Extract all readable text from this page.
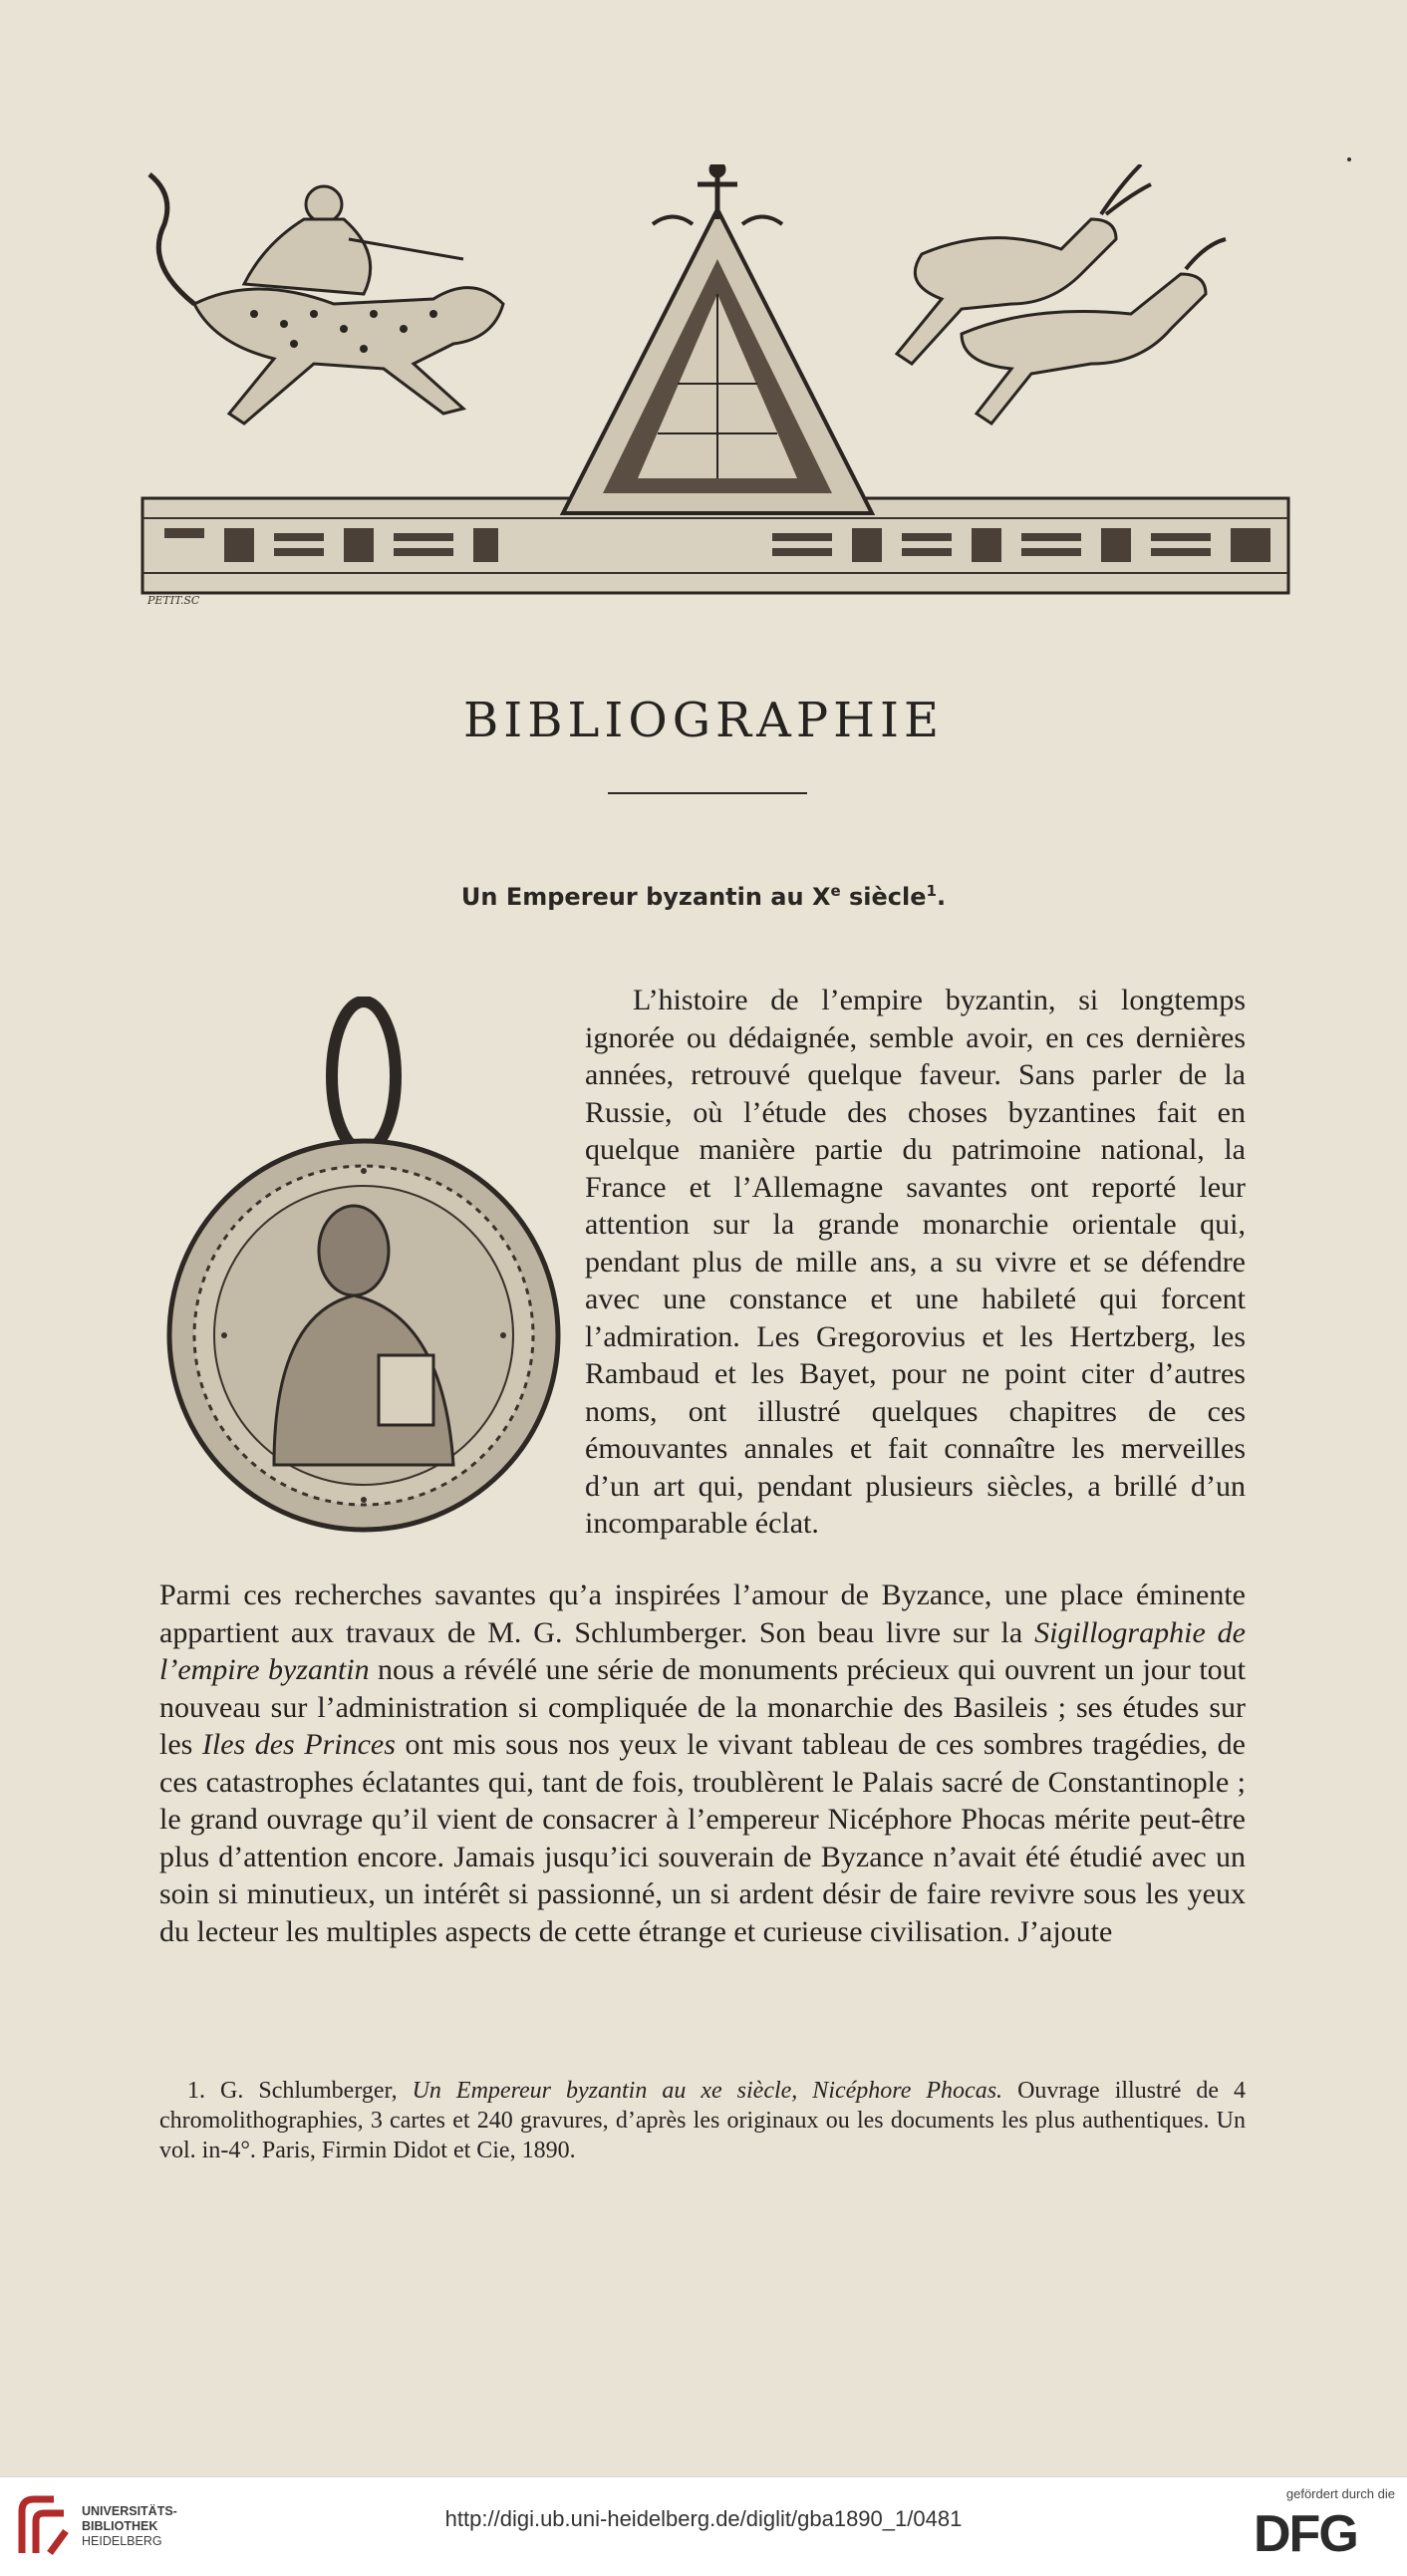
PETIT.SC
BIBLIOGRAPHIE
Un Empereur byzantin au Xe siècle$^1$.

L’histoire de l’empire byzantin, si longtemps ignorée ou dédaignée, semble avoir, en ces dernières années, retrouvé quelque faveur. Sans parler de la Russie, où l’étude des choses byzantines fait en quelque manière partie du patrimoine national, la France et l’Allemagne savantes ont reporté leur attention sur la grande monarchie orientale qui, pendant plus de mille ans, a su vivre et se défendre avec une constance et une habileté qui forcent l’admiration. Les Gregorovius et les Hertzberg, les Rambaud et les Bayet, pour ne point citer d’autres noms, ont illustré quelques chapitres de ces émouvantes annales et fait connaître les merveilles d’un art qui, pendant plusieurs siècles, a brillé d’un incomparable éclat.

Parmi ces recherches savantes qu’a inspirées l’amour de Byzance, une place éminente appartient aux travaux de M. G. Schlumberger. Son beau livre sur la Sigillographie de l’empire byzantin nous a révélé une série de monuments précieux qui ouvrent un jour tout nouveau sur l’administration si compliquée de la monarchie des Basileis ; ses études sur les Iles des Princes ont mis sous nos yeux le vivant tableau de ces sombres tragédies, de ces catastrophes éclatantes qui, tant de fois, troublèrent le Palais sacré de Constantinople ; le grand ouvrage qu’il vient de consacrer à l’empereur Nicéphore Phocas mérite peut-être plus d’attention encore. Jamais jusqu’ici souverain de Byzance n’avait été étudié avec un soin si minutieux, un intérêt si passionné, un si ardent désir de faire revivre sous les yeux du lecteur les multiples aspects de cette étrange et curieuse civilisation. J’ajoute

1. G. Schlumberger, Un Empereur byzantin au xe siècle, Nicéphore Phocas. Ouvrage illustré de 4 chromolithographies, 3 cartes et 240 gravures, d’après les originaux ou les documents les plus authentiques. Un vol. in-4°. Paris, Firmin Didot et Cie, 1890.
UNIVERSITÄTS-
BIBLIOTHEK
HEIDELBERG
http://digi.ub.uni-heidelberg.de/diglit/gba1890_1/0481
gefördert durch die
DFG
